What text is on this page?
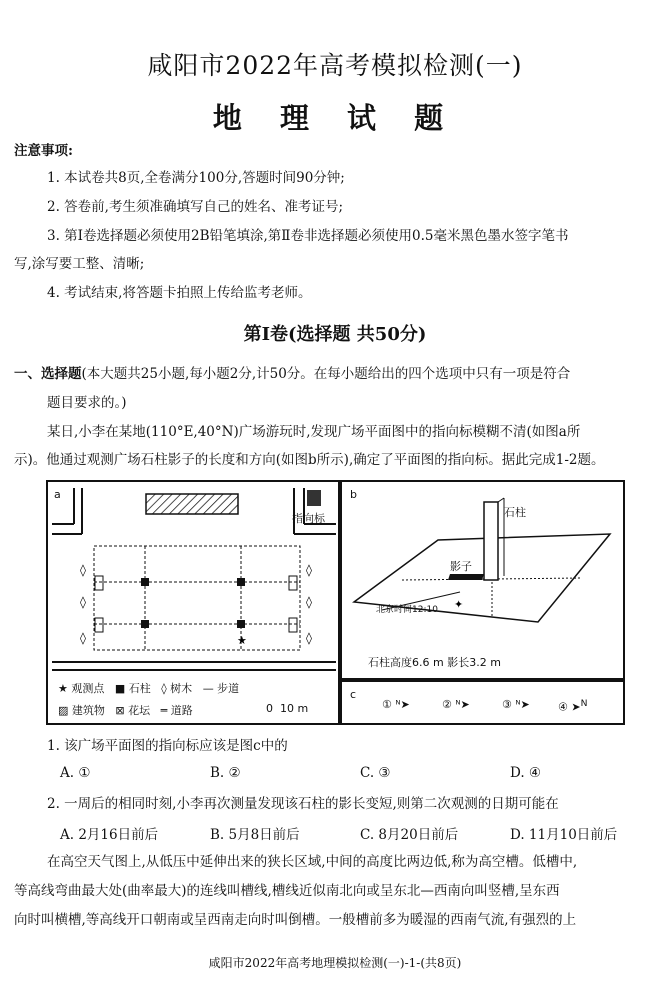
咸阳市2022年高考模拟检测(一)
地 理 试 题
注意事项:
1. 本试卷共8页,全卷满分100分,答题时间90分钟;
2. 答卷前,考生须准确填写自己的姓名、准考证号;
3. 第Ⅰ卷选择题必须使用2B铅笔填涂,第Ⅱ卷非选择题必须使用0.5毫米黑色墨水签字笔书
写,涂写要工整、清晰;
4. 考试结束,将答题卡拍照上传给监考老师。
第Ⅰ卷(选择题 共50分)
一、选择题(本大题共25小题,每小题2分,计50分。在每小题给出的四个选项中只有一项是符合
题目要求的。)
某日,小李在某地(110°E,40°N)广场游玩时,发现广场平面图中的指向标模糊不清(如图a所
示)。他通过观测广场石柱影子的长度和方向(如图b所示),确定了平面图的指向标。据此完成1-2题。
◊
◊
◊
◊
◊
◊
★
a
指向标
★ 观测点 ■ 石柱 ◊ 树木 — 步道
▨ 建筑物 ⊠ 花坛 ═ 道路	0 10 m
✦
b
石柱
影子
北京时间12:10
石柱高度6.6 m 影长3.2 m
c
① ᴺ➤	② ᴺ➤	③ ᴺ➤	④ ➤$^N$
1. 该广场平面图的指向标应该是图c中的
A. ①	B. ②	C. ③	D. ④
2. 一周后的相同时刻,小李再次测量发现该石柱的影长变短,则第二次观测的日期可能在
A. 2月16日前后	B. 5月8日前后	C. 8月20日前后	D. 11月10日前后
在高空天气图上,从低压中延伸出来的狭长区域,中间的高度比两边低,称为高空槽。低槽中,
等高线弯曲最大处(曲率最大)的连线叫槽线,槽线近似南北向或呈东北—西南向叫竖槽,呈东西
向时叫横槽,等高线开口朝南或呈西南走向时叫倒槽。一般槽前多为暖湿的西南气流,有强烈的上
咸阳市2022年高考地理模拟检测(一)-1-(共8页)
